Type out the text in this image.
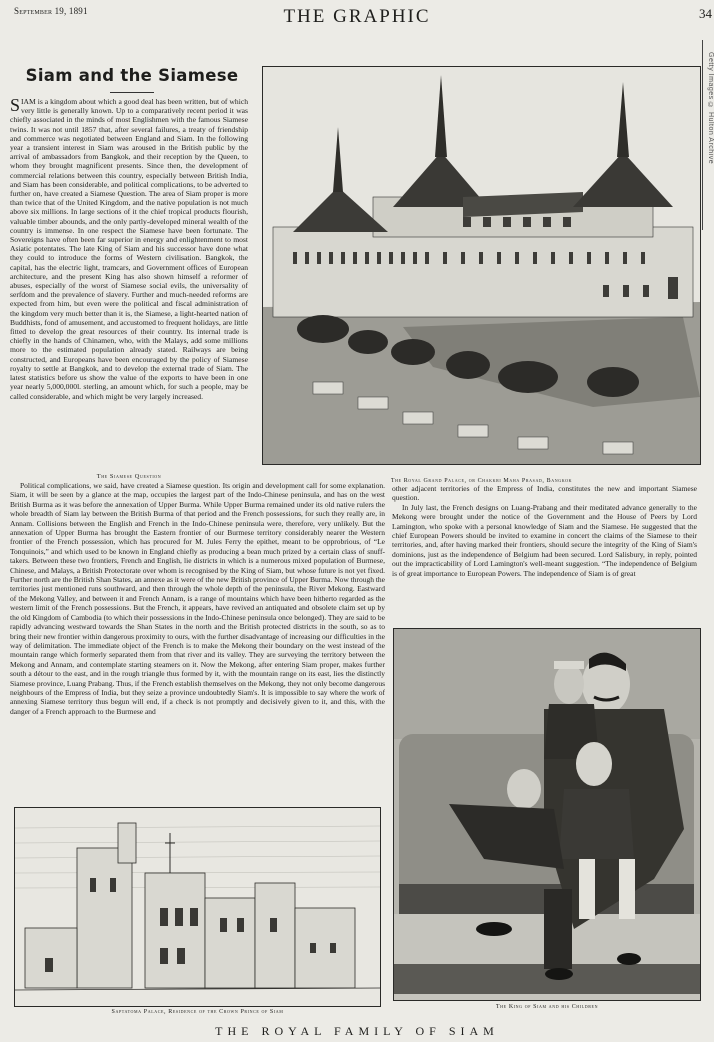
September 19, 1891	THE GRAPHIC	34
Getty Images © Hulton Archive
Siam and the Siamese

SIAM is a kingdom about which a good deal has been written, but of which very little is generally known. Up to a comparatively recent period it was chiefly associated in the minds of most Englishmen with the famous Siamese twins. It was not until 1857 that, after several failures, a treaty of friendship and commerce was negotiated between England and Siam. In the following year a transient interest in Siam was aroused in the British public by the arrival of ambassadors from Bangkok, and their reception by the Queen, to whom they brought magnificent presents. Since then, the development of commercial relations between this country, especially between British India, and Siam has been considerable, and political complications, to be adverted to further on, have created a Siamese Question. The area of Siam proper is more than twice that of the United Kingdom, and the native population is not much above six millions. In large sections of it the chief tropical products flourish, valuable timber abounds, and the only partly-developed mineral wealth of the country is immense. In one respect the Siamese have been fortunate. The Sovereigns have often been far superior in energy and enlightenment to most Asiatic potentates. The late King of Siam and his successor have done what they could to introduce the forms of Western civilisation. Bangkok, the capital, has the electric light, tramcars, and Government offices of European architecture, and the present King has also shown himself a reformer of abuses, especially of the worst of Siamese social evils, the universality of serfdom and the prevalence of slavery. Further and much-needed reforms are expected from him, but even were the political and fiscal administration of the kingdom very much better than it is, the Siamese, a light-hearted nation of Buddhists, fond of amusement, and accustomed to frequent holidays, are little fitted to develop the great resources of their country. Its internal trade is chiefly in the hands of Chinamen, who, with the Malays, add some millions more to the estimated population already stated. Railways are being constructed, and Europeans have been encouraged by the policy of Siamese royalty to settle at Bangkok, and to develop the external trade of Siam. The latest statistics before us show the value of the exports to have been in one year nearly 5,000,000l. sterling, an amount which, for such a people, may be called considerable, and which might be very largely increased.

The Siamese Question

Political complications, we said, have created a Siamese question. Its origin and development call for some explanation. Siam, it will be seen by a glance at the map, occupies the largest part of the Indo-Chinese peninsula, and has on the west British Burma as it was before the annexation of Upper Burma. While Upper Burma remained under its old native rulers the whole breadth of Siam lay between the British Burma of that period and the French possessions, for such they really are, in Annam. Collisions between the English and French in the Indo-Chinese peninsula were, therefore, very unlikely. But the annexation of Upper Burma has brought the Eastern frontier of our Burmese territory considerably nearer the Western frontier of the French possession, which has procured for M. Jules Ferry the epithet, meant to be opprobrious, of “Le Tonquinois,” and which used to be known in England chiefly as producing a bean much prized by a certain class of snuff-takers. Between these two frontiers, French and English, lie districts in which is a numerous mixed population of Burmese, Chinese, and Malays, a British Protectorate over whom is recognised by the King of Siam, but whose future is not yet fixed. Further north are the British Shan States, an annexe as it were of the new British province of Upper Burma. Now through the territories just mentioned runs southward, and then through the whole depth of the peninsula, the River Mekong. Eastward of the Mekong Valley, and between it and French Annam, is a range of mountains which have been hitherto regarded as the western limit of the French possessions. But the French, it appears, have revived an antiquated and obsolete claim set up by the old Kingdom of Cambodia (to which their possessions in the Indo-Chinese peninsula once belonged). They are said to be rapidly advancing westward towards the Shan States in the north and the British protected districts in the south, so as to bring their new frontier within dangerous proximity to ours, with the further disadvantage of increasing our difficulties in the way of delimitation. The immediate object of the French is to make the Mekong their boundary on the west instead of the mountain range which formerly separated them from that river and its valley. They are surveying the territory between the Mekong and Annam, and contemplate starting steamers on it. Now the Mekong, after entering Siam proper, makes further south a détour to the east, and in the rough triangle thus formed by it, with the mountain range on its east, lies the distinctly Siamese province, Luang Prabang. Thus, if the French establish themselves on the Mekong, they not only become dangerous neighbours of the Empress of India, but they seize a province undoubtedly Siam's. It is impossible to say where the work of annexing Siamese territory thus begun will end, if a check is not promptly and decisively given to it, and this, with the danger of a French approach to the Burmese and

other adjacent territories of the Empress of India, constitutes the new and important Siamese question.

In July last, the French designs on Luang-Prabang and their meditated advance generally to the Mekong were brought under the notice of the Government and the House of Peers by Lord Lamington, who spoke with a personal knowledge of Siam and the Siamese. He suggested that the chief European Powers should be invited to examine in concert the claims of the Siamese to their territories, and, after having marked their frontiers, should secure the integrity of the King of Siam's dominions, just as the independence of Belgium had been secured. Lord Salisbury, in reply, pointed out the impracticability of Lord Lamington's well-meant suggestion. “The independence of Belgium is of great importance to European Powers. The independence of Siam is of great

The Royal Grand Palace, or Chakkri Maha Prasad, Bangkok
Saptatoma Palace, Residence of the Crown Prince of Siam
The King of Siam and his Children
THE ROYAL FAMILY OF SIAM
